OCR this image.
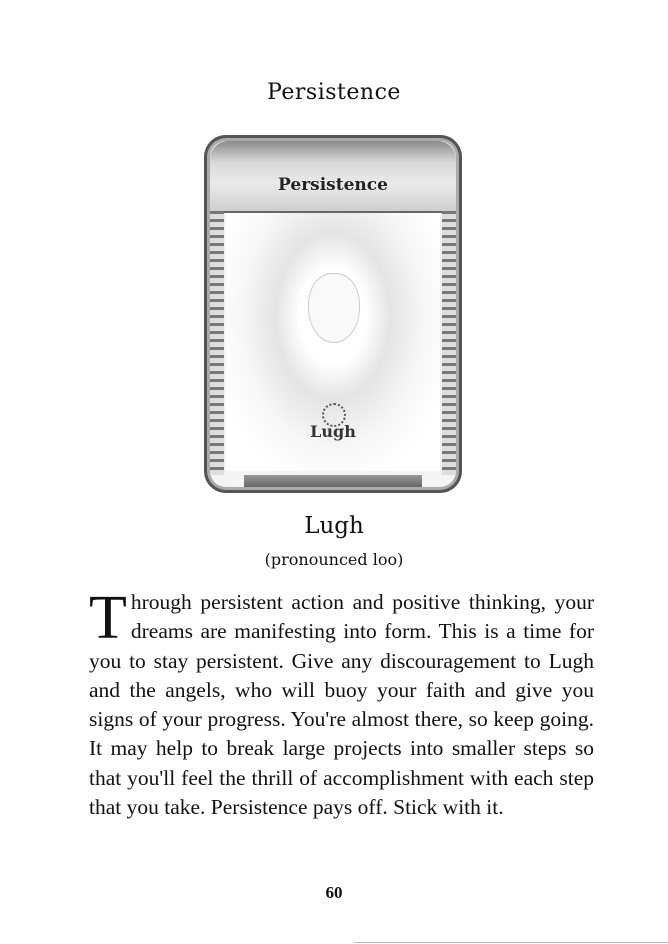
Persistence
Persistence
Lugh
Lugh
(pronounced loo)
Through persistent action and positive thinking, your dreams are manifesting into form. This is a time for you to stay persistent. Give any discouragement to Lugh and the angels, who will buoy your faith and give you signs of your progress. You're almost there, so keep going. It may help to break large projects into smaller steps so that you'll feel the thrill of accomplishment with each step that you take. Persistence pays off. Stick with it.
60
